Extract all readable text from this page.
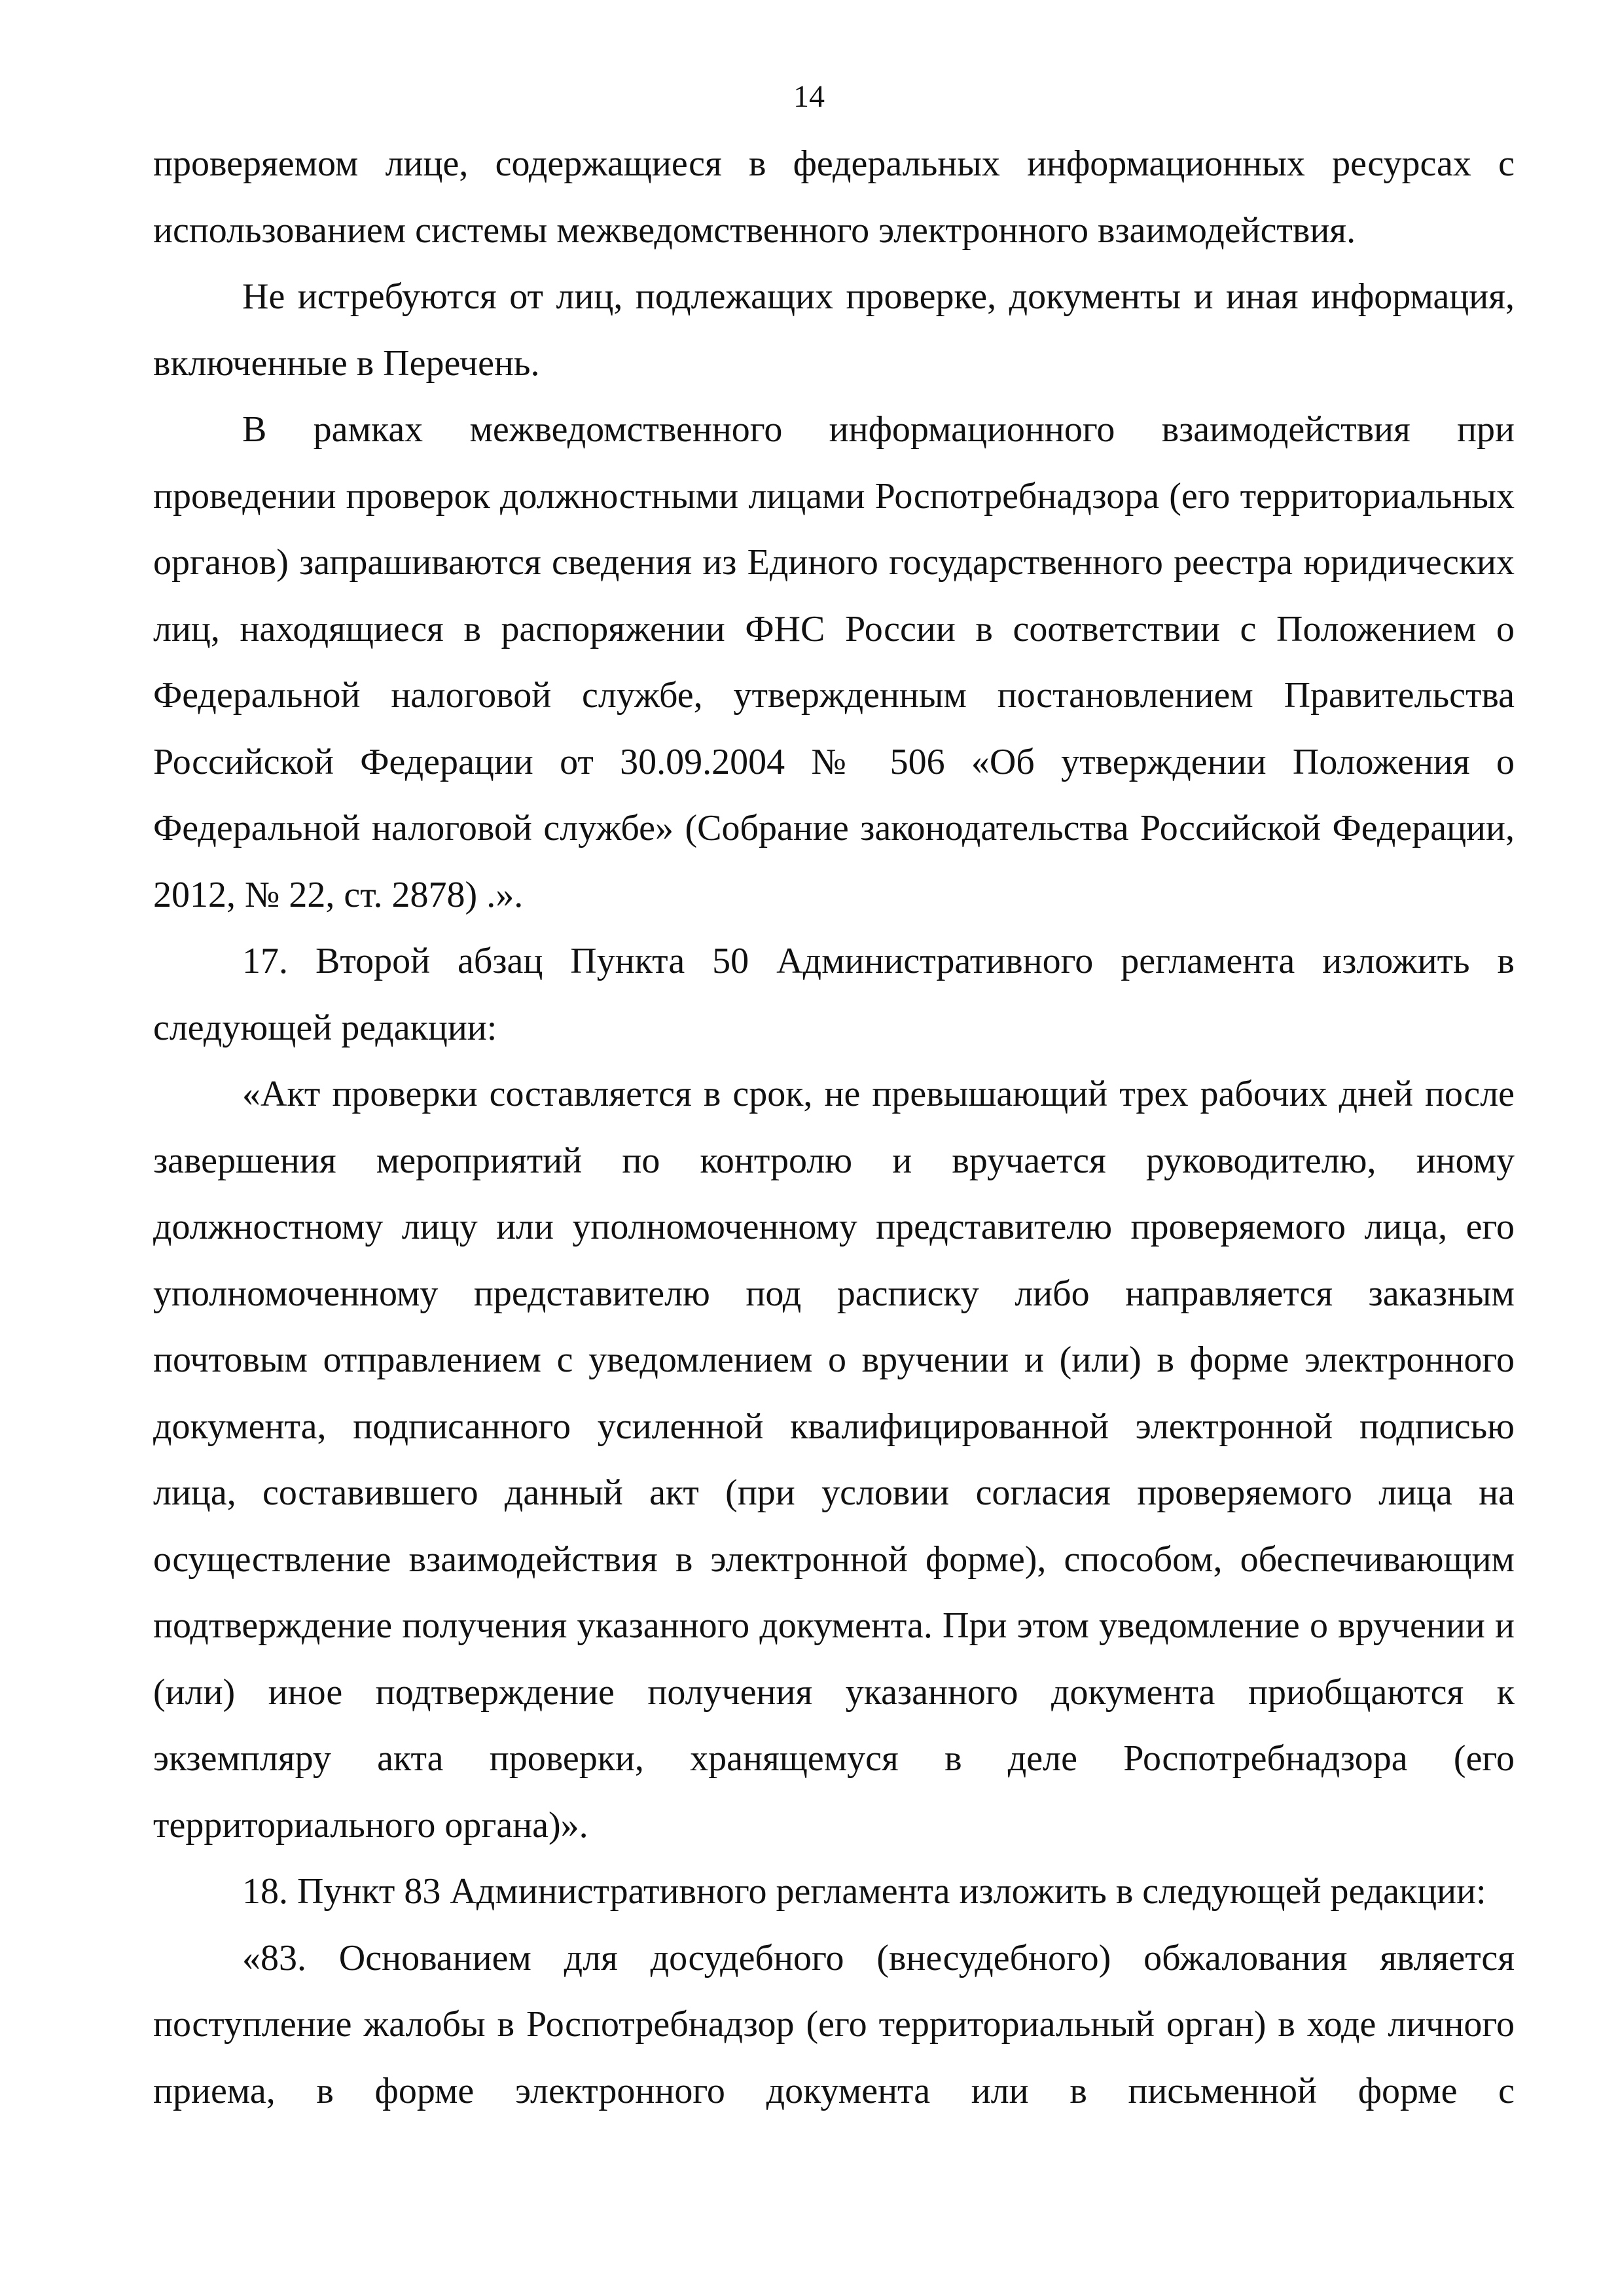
14

проверяемом лице, содержащиеся в федеральных информационных ресурсах с использованием системы межведомственного электронного взаимодействия.

Не истребуются от лиц, подлежащих проверке, документы и иная информация, включенные в Перечень.

В рамках межведомственного информационного взаимодействия при проведении проверок должностными лицами Роспотребнадзора (его территориальных органов) запрашиваются сведения из Единого государственного реестра юридических лиц, находящиеся в распоряжении ФНС России в соответствии с Положением о Федеральной налоговой службе, утвержденным постановлением Правительства Российской Федерации от 30.09.2004 № 506 «Об утверждении Положения о Федеральной налоговой службе» (Собрание законодательства Российской Федерации, 2012, № 22, ст. 2878) .».

17. Второй абзац Пункта 50 Административного регламента изложить в следующей редакции:

«Акт проверки составляется в срок, не превышающий трех рабочих дней после завершения мероприятий по контролю и вручается руководителю, иному должностному лицу или уполномоченному представителю проверяемого лица, его уполномоченному представителю под расписку либо направляется заказным почтовым отправлением с уведомлением о вручении и (или) в форме электронного документа, подписанного усиленной квалифицированной электронной подписью лица, составившего данный акт (при условии согласия проверяемого лица на осуществление взаимодействия в электронной форме), способом, обеспечивающим подтверждение получения указанного документа. При этом уведомление о вручении и (или) иное подтверждение получения указанного документа приобщаются к экземпляру акта проверки, хранящемуся в деле Роспотребнадзора (его территориального органа)».

18. Пункт 83 Административного регламента изложить в следующей редакции:

«83. Основанием для досудебного (внесудебного) обжалования является поступление жалобы в Роспотребнадзор (его территориальный орган) в ходе личного приема, в форме электронного документа или в письменной форме с
